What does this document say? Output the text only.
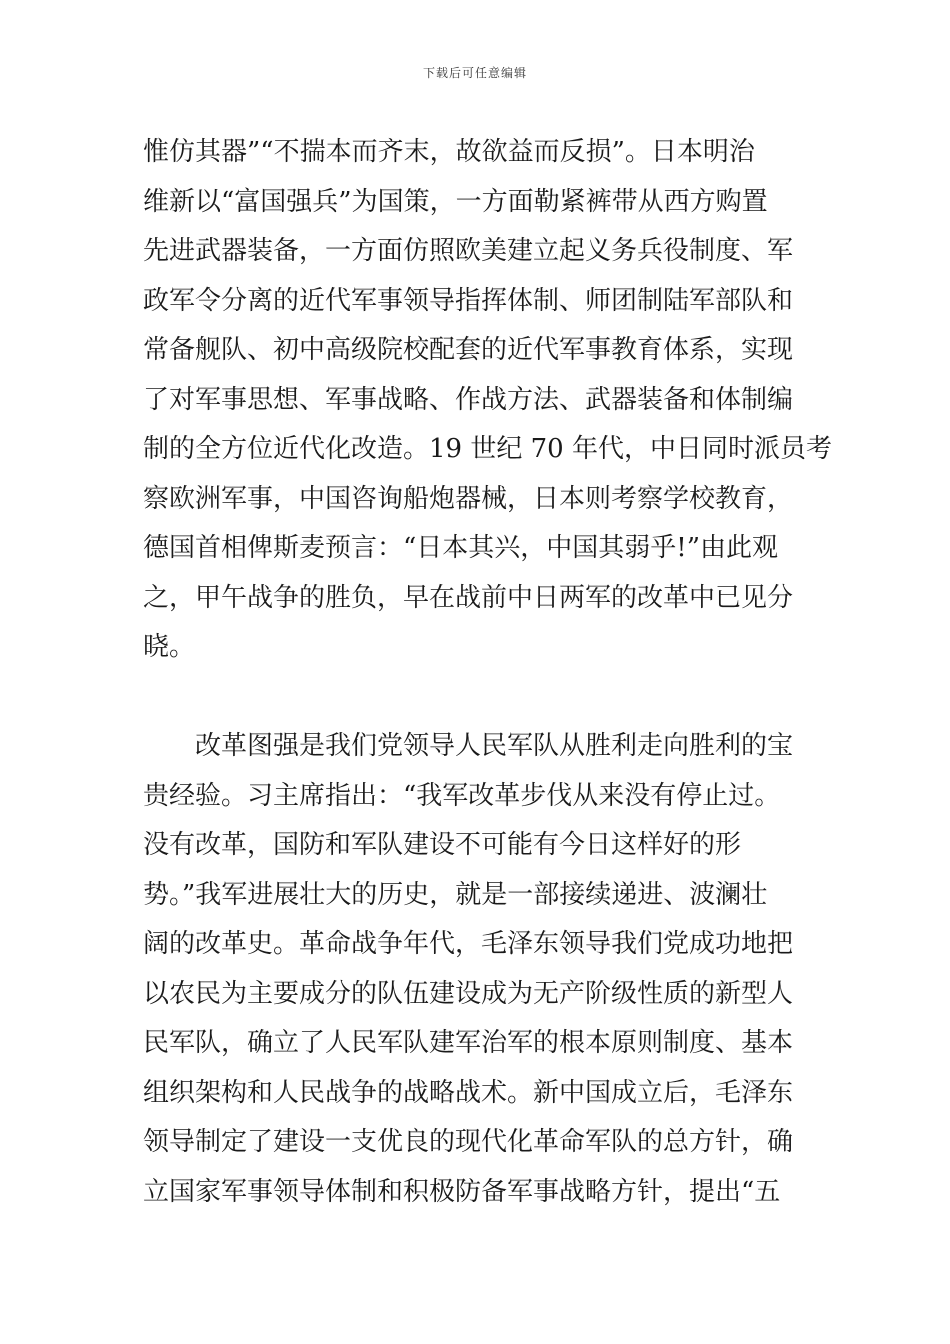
下载后可任意编辑
惟仿其器”“不揣本而齐末，故欲益而反损”。日本明治
维新以“富国强兵”为国策，一方面勒紧裤带从西方购置
先进武器装备，一方面仿照欧美建立起义务兵役制度、军
政军令分离的近代军事领导指挥体制、师团制陆军部队和
常备舰队、初中高级院校配套的近代军事教育体系，实现
了对军事思想、军事战略、作战方法、武器装备和体制编
制的全方位近代化改造。19 世纪 70 年代，中日同时派员考
察欧洲军事，中国咨询船炮器械，日本则考察学校教育，
德国首相俾斯麦预言：“日本其兴，中国其弱乎!”由此观
之，甲午战争的胜负，早在战前中日两军的改革中已见分
晓。
　　改革图强是我们党领导人民军队从胜利走向胜利的宝
贵经验。习主席指出：“我军改革步伐从来没有停止过。
没有改革，国防和军队建设不可能有今日这样好的形
势。”我军进展壮大的历史，就是一部接续递进、波澜壮
阔的改革史。革命战争年代，毛泽东领导我们党成功地把
以农民为主要成分的队伍建设成为无产阶级性质的新型人
民军队，确立了人民军队建军治军的根本原则制度、基本
组织架构和人民战争的战略战术。新中国成立后，毛泽东
领导制定了建设一支优良的现代化革命军队的总方针，确
立国家军事领导体制和积极防备军事战略方针，提出“五
